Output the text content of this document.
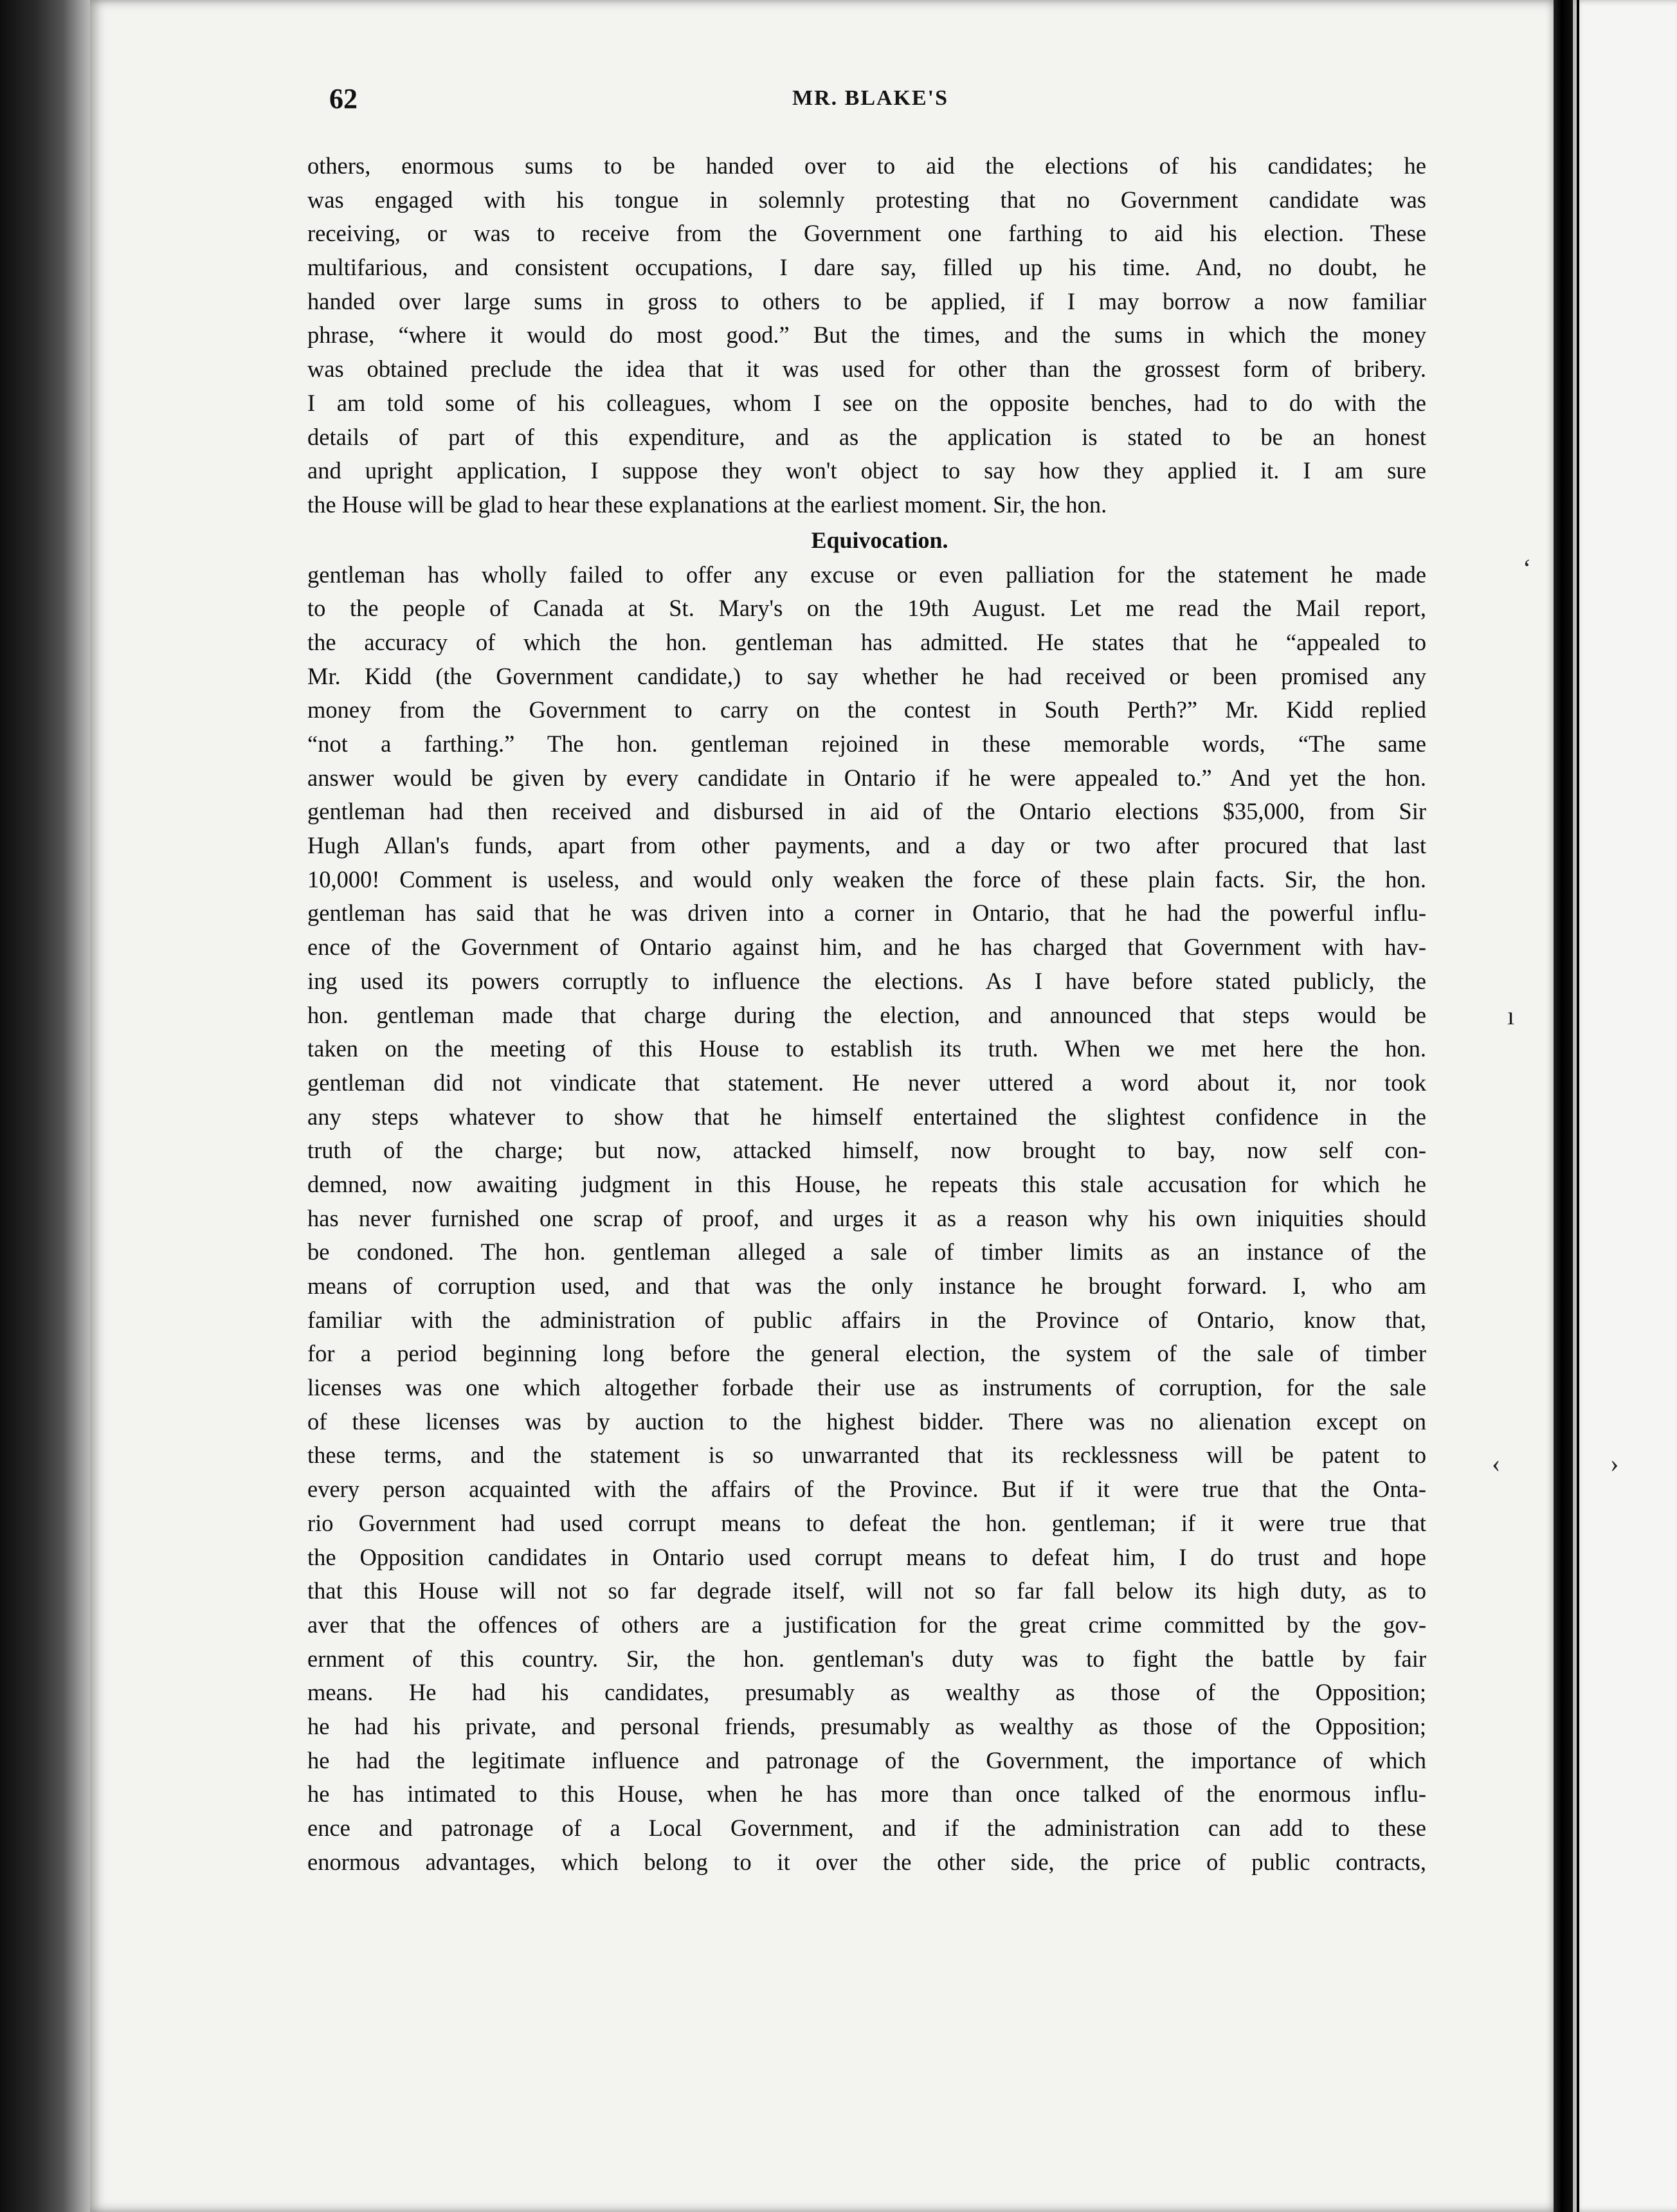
62	MR. BLAKE'S
others, enormous sums to be handed over to aid the elections of his candidates; he
was engaged with his tongue in solemnly protesting that no Government candidate was
receiving, or was to receive from the Government one farthing to aid his election. These
multifarious, and consistent occupations, I dare say, filled up his time. And, no doubt, he
handed over large sums in gross to others to be applied, if I may borrow a now familiar
phrase, “where it would do most good.” But the times, and the sums in which the money
was obtained preclude the idea that it was used for other than the grossest form of bribery.
I am told some of his colleagues, whom I see on the opposite benches, had to do with the
details of part of this expenditure, and as the application is stated to be an honest
and upright application, I suppose they won't object to say how they applied it. I am sure
the House will be glad to hear these explanations at the earliest moment. Sir, the hon.
Equivocation.
gentleman has wholly failed to offer any excuse or even palliation for the statement he made
to the people of Canada at St. Mary's on the 19th August. Let me read the Mail report,
the accuracy of which the hon. gentleman has admitted. He states that he “appealed to
Mr. Kidd (the Government candidate,) to say whether he had received or been promised any
money from the Government to carry on the contest in South Perth?” Mr. Kidd replied
“not a farthing.” The hon. gentleman rejoined in these memorable words, “The same
answer would be given by every candidate in Ontario if he were appealed to.” And yet the hon.
gentleman had then received and disbursed in aid of the Ontario elections $35,000, from Sir
Hugh Allan's funds, apart from other payments, and a day or two after procured that last
10,000! Comment is useless, and would only weaken the force of these plain facts. Sir, the hon.
gentleman has said that he was driven into a corner in Ontario, that he had the powerful influ-
ence of the Government of Ontario against him, and he has charged that Government with hav-
ing used its powers corruptly to influence the elections. As I have before stated publicly, the
hon. gentleman made that charge during the election, and announced that steps would be
taken on the meeting of this House to establish its truth. When we met here the hon.
gentleman did not vindicate that statement. He never uttered a word about it, nor took
any steps whatever to show that he himself entertained the slightest confidence in the
truth of the charge; but now, attacked himself, now brought to bay, now self con-
demned, now awaiting judgment in this House, he repeats this stale accusation for which he
has never furnished one scrap of proof, and urges it as a reason why his own iniquities should
be condoned. The hon. gentleman alleged a sale of timber limits as an instance of the
means of corruption used, and that was the only instance he brought forward. I, who am
familiar with the administration of public affairs in the Province of Ontario, know that,
for a period beginning long before the general election, the system of the sale of timber
licenses was one which altogether forbade their use as instruments of corruption, for the sale
of these licenses was by auction to the highest bidder. There was no alienation except on
these terms, and the statement is so unwarranted that its recklessness will be patent to
every person acquainted with the affairs of the Province. But if it were true that the Onta-
rio Government had used corrupt means to defeat the hon. gentleman; if it were true that
the Opposition candidates in Ontario used corrupt means to defeat him, I do trust and hope
that this House will not so far degrade itself, will not so far fall below its high duty, as to
aver that the offences of others are a justification for the great crime committed by the gov-
ernment of this country. Sir, the hon. gentleman's duty was to fight the battle by fair
means. He had his candidates, presumably as wealthy as those of the Opposition;
he had his private, and personal friends, presumably as wealthy as those of the Opposition;
he had the legitimate influence and patronage of the Government, the importance of which
he has intimated to this House, when he has more than once talked of the enormous influ-
ence and patronage of a Local Government, and if the administration can add to these
enormous advantages, which belong to it over the other side, the price of public contracts,
‘
ı
‹	›
